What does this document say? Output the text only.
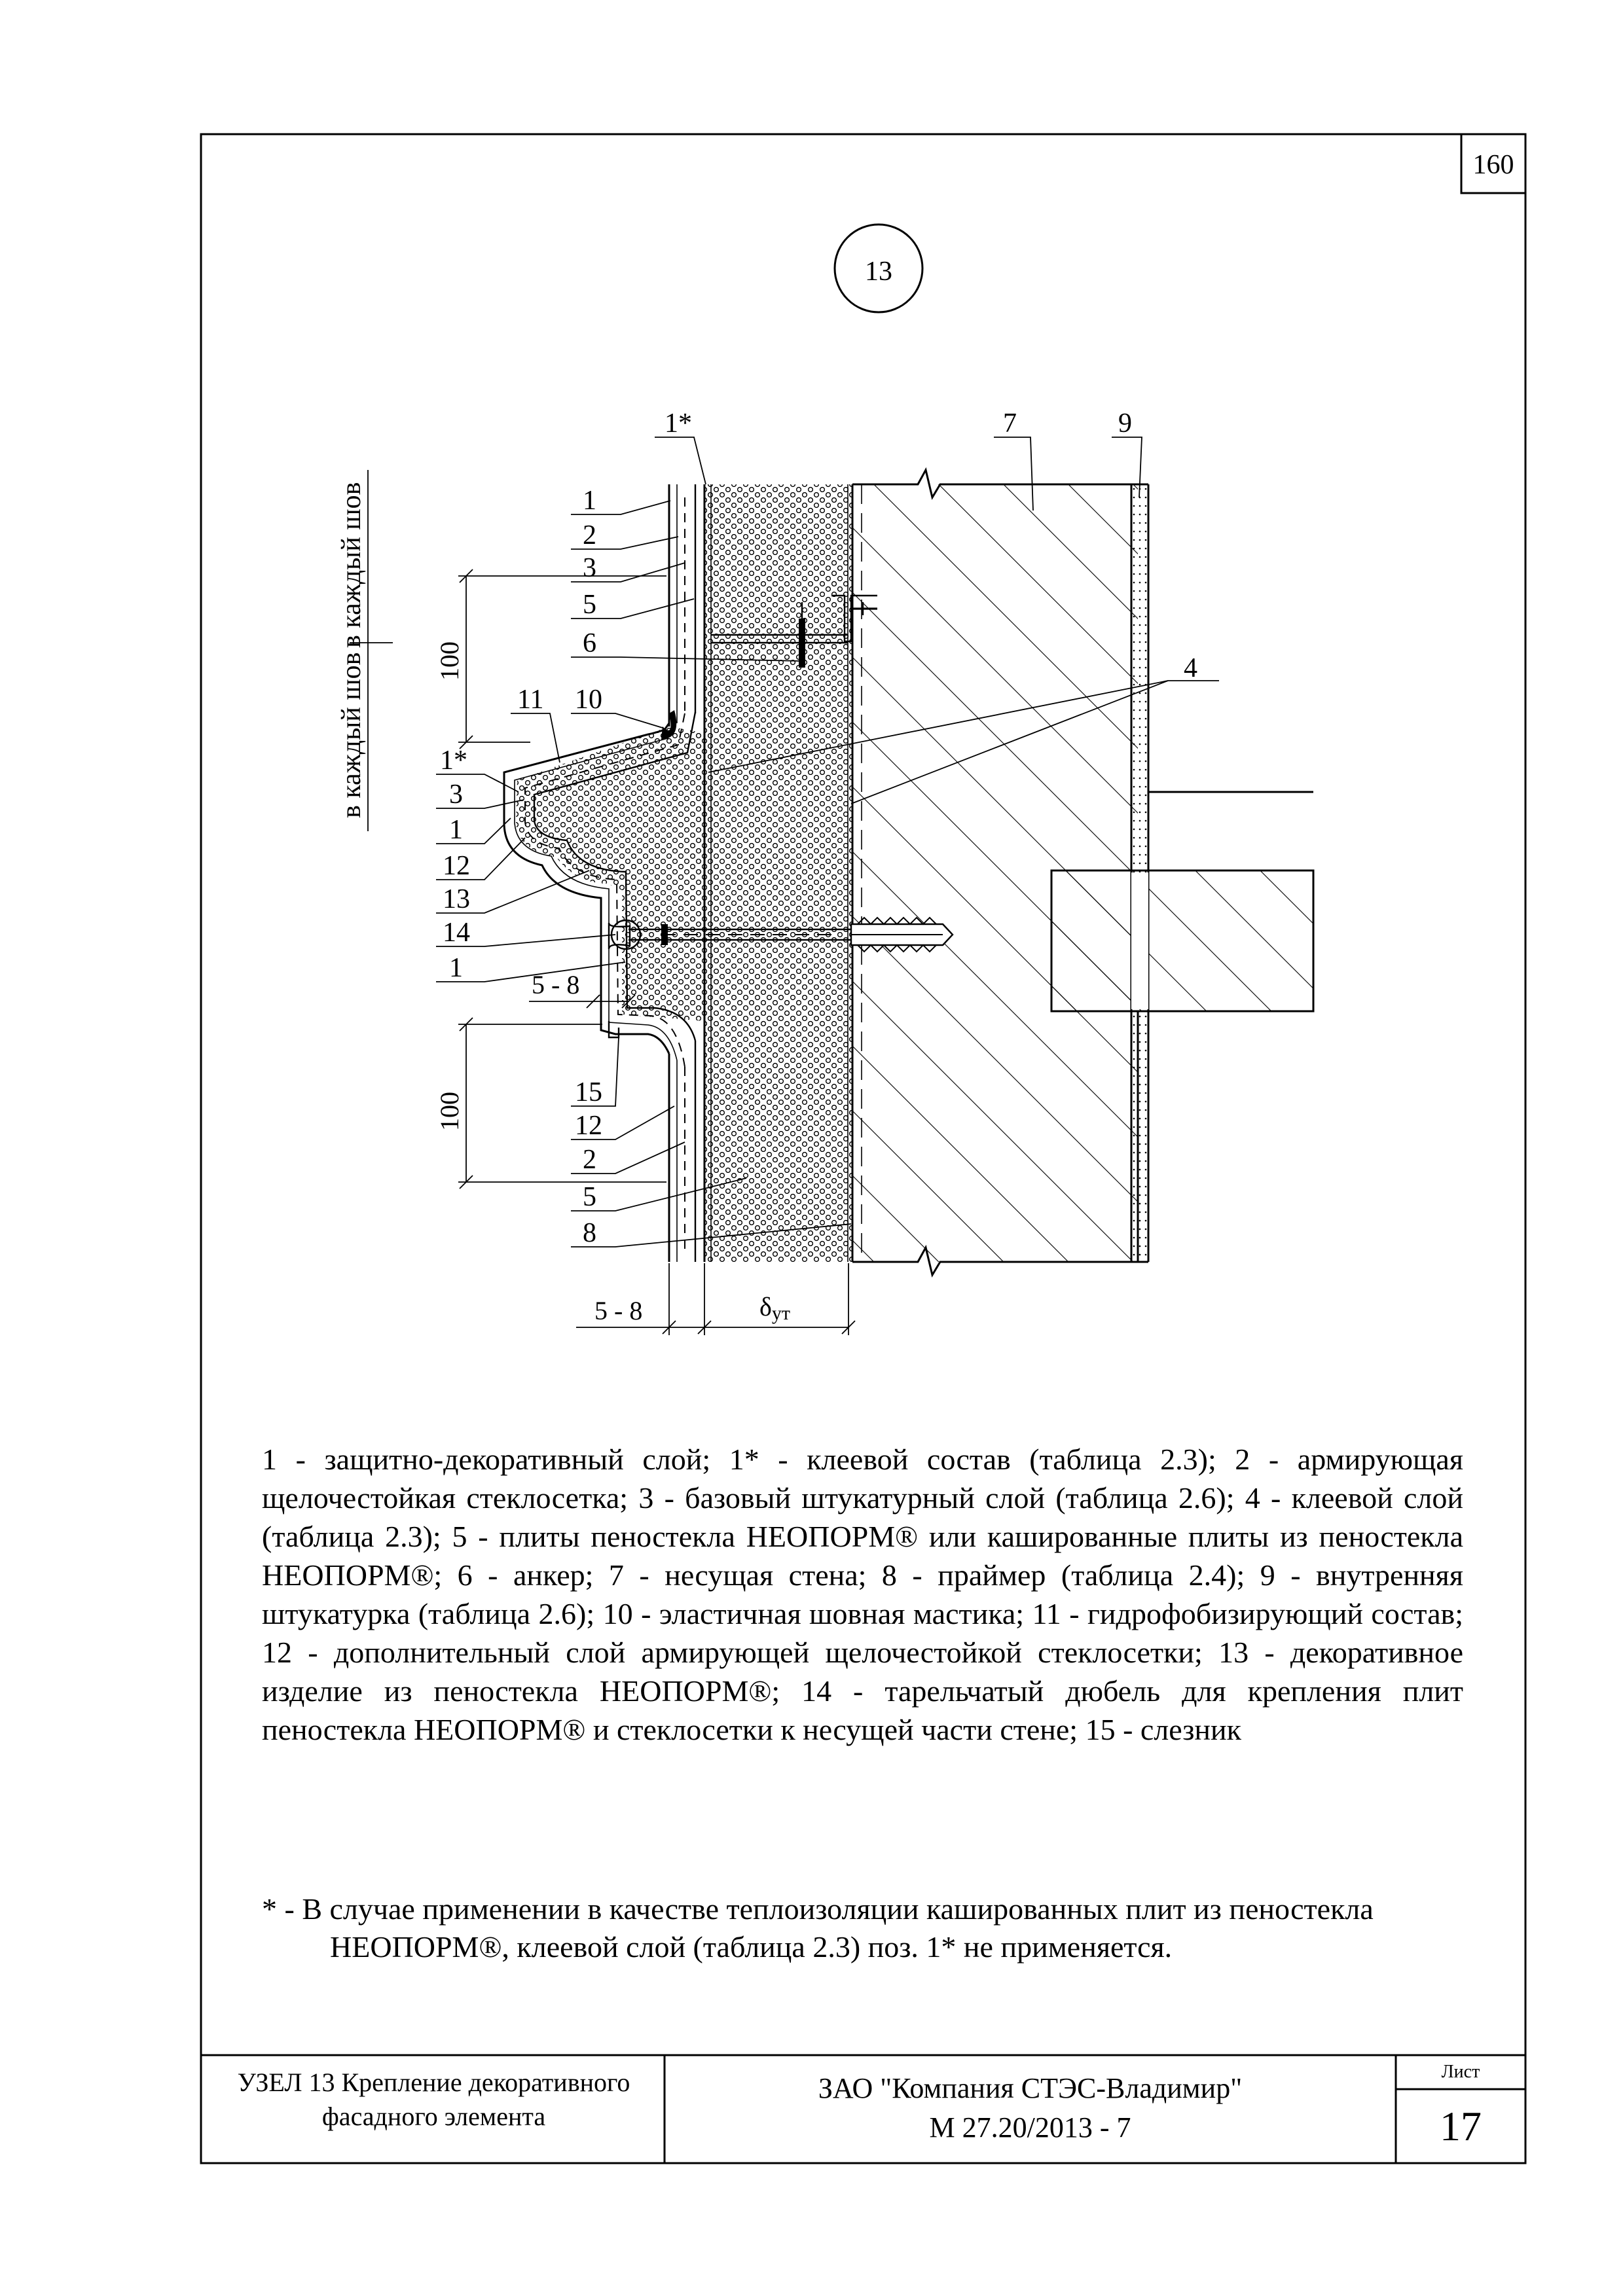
160
13
1*	7	9
4
1
2
3
5
6
11 10
1*
3
1
12
13
14
1
15
12
2
5
8
100
100
5 - 8
5 - 8	δут
в каждый шов
в каждый шов
1 - защитно-декоративный слой; 1* - клеевой состав (таблица 2.3); 2 - армирующая щелочестойкая стеклосетка; 3 - базовый штукатурный слой (таблица 2.6); 4 - клеевой слой (таблица 2.3); 5 - плиты пеностекла НЕОПОРМ® или кашированные плиты из пеностекла НЕОПОРМ®; 6 - анкер; 7 - несущая стена; 8 - праймер (таблица 2.4); 9 - внутренняя штукатурка (таблица 2.6); 10 - эластичная шовная мастика; 11 - гидрофобизирующий состав; 12 - дополнительный слой армирующей щелочестойкой стеклосетки; 13 - декоративное изделие из пеностекла НЕОПОРМ®; 14 - тарельчатый дюбель для крепления плит пеностекла НЕОПОРМ® и стеклосетки к несущей части стене; 15 - слезник
* - В случае применении в качестве теплоизоляции кашированных плит из пеностекла
НЕОПОРМ®, клеевой слой (таблица 2.3) поз. 1* не применяется.
УЗЕЛ 13 Крепление декоративного
фасадного элемента
ЗАО "Компания СТЭС-Владимир"
М 27.20/2013 - 7
Лист
17
